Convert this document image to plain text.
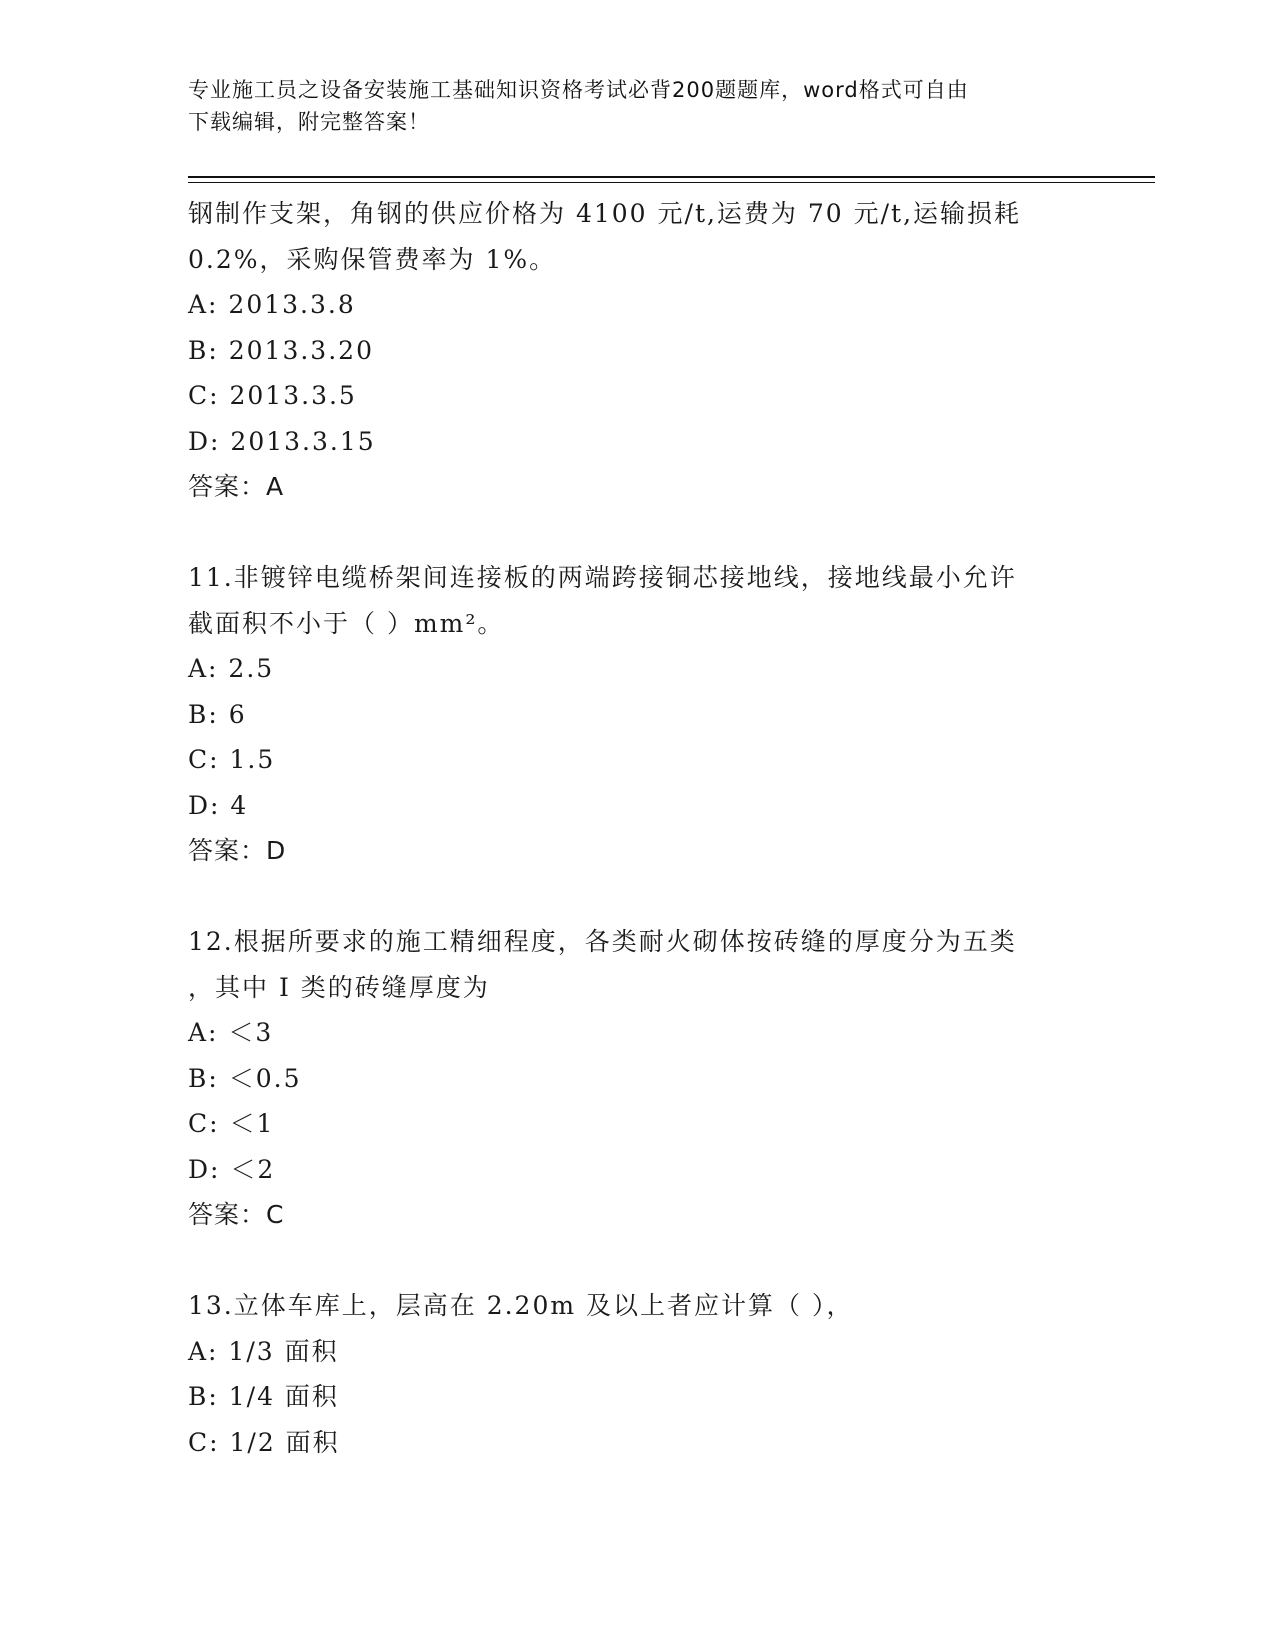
专业施工员之设备安装施工基础知识资格考试必背200题题库，word格式可自由
下载编辑，附完整答案！
钢制作支架，角钢的供应价格为 4100 元/t,运费为 70 元/t,运输损耗
0.2%，采购保管费率为 1%。
A: 2013.3.8
B: 2013.3.20
C: 2013.3.5
D: 2013.3.15
答案：A
11.非镀锌电缆桥架间连接板的两端跨接铜芯接地线，接地线最小允许
截面积不小于（ ）mm²。
A: 2.5
B: 6
C: 1.5
D: 4
答案：D
12.根据所要求的施工精细程度，各类耐火砌体按砖缝的厚度分为五类
，其中 I 类的砖缝厚度为
A: ＜3
B: ＜0.5
C: ＜1
D: ＜2
答案：C
13.立体车库上，层高在 2.20m 及以上者应计算（ ），
A: 1/3 面积
B: 1/4 面积
C: 1/2 面积
